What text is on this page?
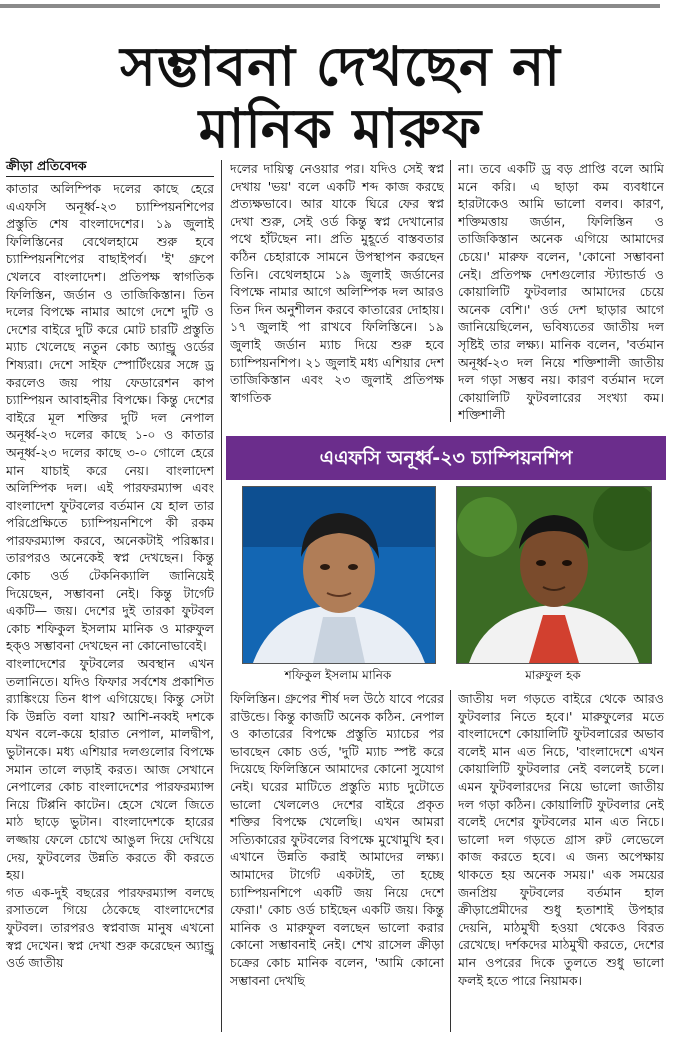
সম্ভাবনা দেখছেন না
মানিক মারুফ
ক্রীড়া প্রতিবেদক

কাতার অলিম্পিক দলের কাছে হেরে এএফসি অনূর্ধ্ব-২৩ চ্যাম্পিয়নশিপের প্রস্তুতি শেষ বাংলাদেশের। ১৯ জুলাই ফিলিস্তিনের বেথেলহামে শুরু হবে চ্যাম্পিয়নশিপের বাছাইপর্ব। 'ই' গ্রুপে খেলবে বাংলাদেশ। প্রতিপক্ষ স্বাগতিক ফিলিস্তিন, জর্ডান ও তাজিকিস্তান। তিন দলের বিপক্ষে নামার আগে দেশে দুটি ও দেশের বাইরে দুটি করে মোট চারটি প্রস্তুতি ম্যাচ খেলেছে নতুন কোচ অ্যান্ড্রু ওর্ডের শিষ্যরা। দেশে সাইফ স্পোর্টিংয়ের সঙ্গে ড্র করলেও জয় পায় ফেডারেশন কাপ চ্যাম্পিয়ন আবাহনীর বিপক্ষে। কিন্তু দেশের বাইরে মূল শক্তির দুটি দল নেপাল অনূর্ধ্ব-২৩ দলের কাছে ১-০ ও কাতার অনূর্ধ্ব-২৩ দলের কাছে ৩-০ গোলে হেরে মান যাচাই করে নেয়। বাংলাদেশ অলিম্পিক দল। এই পারফরম্যান্স এবং বাংলাদেশ ফুটবলের বর্তমান যে হাল তার পরিপ্রেক্ষিতে চ্যাম্পিয়নশিপে কী রকম পারফরম্যান্স করবে, অনেকটাই পরিষ্কার। তারপরও অনেকেই স্বপ্ন দেখছেন। কিন্তু কোচ ওর্ড টেকনিক্যালি জানিয়েই দিয়েছেন, সম্ভাবনা নেই। কিন্তু টার্গেট একটি— জয়। দেশের দুই তারকা ফুটবল কোচ শফিকুল ইসলাম মানিক ও মারুফুল হক্‌ও সম্ভাবনা দেখছেন না কোনোভাবেই।

বাংলাদেশের ফুটবলের অবস্থান এখন তলানিতে। যদিও ফিফার সর্বশেষ প্রকাশিত র‍্যাঙ্কিংয়ে তিন ধাপ এগিয়েছে। কিন্তু সেটা কি উন্নতি বলা যায়? আশি-নব্বই দশকে যখন বলে-কয়ে হারাত নেপাল, মালদ্বীপ, ভুটানকে। মধ্য এশিয়ার দলগুলোর বিপক্ষে সমান তালে লড়াই করত। আজ সেখানে নেপালের কোচ বাংলাদেশের পারফরম্যান্স নিয়ে টিপ্পনি কাটেন। হেসে খেলে জিতে মাঠ ছাড়ে ভুটান। বাংলাদেশকে হারের লজ্জায় ফেলে চোখে আঙুল দিয়ে দেখিয়ে দেয়, ফুটবলের উন্নতি করতে কী করতে হয়।

গত এক-দুই বছরের পারফরম্যান্স বলছে রসাতলে গিয়ে ঠেকেছে বাংলাদেশের ফুটবল। তারপরও স্বপ্নবাজ মানুষ এখনো স্বপ্ন দেখেন। স্বপ্ন দেখা শুরু করেছেন অ্যান্ড্রু ওর্ড জাতীয়

দলের দায়িত্ব নেওয়ার পর। যদিও সেই স্বপ্ন দেখায় 'ভয়' বলে একটি শব্দ কাজ করছে প্রত্যক্ষভাবে। আর যাকে ঘিরে ফের স্বপ্ন দেখা শুরু, সেই ওর্ড কিন্তু স্বপ্ন দেখানোর পথে হাঁটছেন না। প্রতি মুহূর্তে বাস্তবতার কঠিন চেহারাকে সামনে উপস্থাপন করছেন তিনি। বেথেলহামে ১৯ জুলাই জর্ডানের বিপক্ষে নামার আগে অলিম্পিক দল আরও তিন দিন অনুশীলন করবে কাতারের দোহায়। ১৭ জুলাই পা রাখবে ফিলিস্তিনে। ১৯ জুলাই জর্ডান ম্যাচ দিয়ে শুরু হবে চ্যাম্পিয়নশিপ। ২১ জুলাই মধ্য এশিয়ার দেশ তাজিকিস্তান এবং ২৩ জুলাই প্রতিপক্ষ স্বাগতিক

না। তবে একটি ড্র বড় প্রাপ্তি বলে আমি মনে করি। এ ছাড়া কম ব্যবধানে হারটাকেও আমি ভালো বলব। কারণ, শক্তিমত্তায় জর্ডান, ফিলিস্তিন ও তাজিকিস্তান অনেক এগিয়ে আমাদের চেয়ে।' মারুফ বলেন, 'কোনো সম্ভাবনা নেই। প্রতিপক্ষ দেশগুলোর স্ট্যান্ডার্ড ও কোয়ালিটি ফুটবলার আমাদের চেয়ে অনেক বেশি।' ওর্ড দেশ ছাড়ার আগে জানিয়েছিলেন, ভবিষ্যতের জাতীয় দল সৃষ্টিই তার লক্ষ্য। মানিক বলেন, 'বর্তমান অনূর্ধ্ব-২৩ দল নিয়ে শক্তিশালী জাতীয় দল গড়া সম্ভব নয়। কারণ বর্তমান দলে কোয়ালিটি ফুটবলারের সংখ্যা কম। শক্তিশালী

এএফসি অনূর্ধ্ব-২৩ চ্যাম্পিয়নশিপ
শফিকুল ইসলাম মানিক	মারুফুল হক

ফিলিস্তিন। গ্রুপের শীর্ষ দল উঠে যাবে পরের রাউন্ডে। কিন্তু কাজটি অনেক কঠিন. নেপাল ও কাতারের বিপক্ষে প্রস্তুতি ম্যাচের পর ভাবছেন কোচ ওর্ড, 'দুটি ম্যাচ স্পষ্ট করে দিয়েছে ফিলিস্তিনে আমাদের কোনো সুযোগ নেই। ঘরের মাটিতে প্রস্তুতি ম্যাচ দুটোতে ভালো খেললেও দেশের বাইরে প্রকৃত শক্তির বিপক্ষে খেলেছি। এখন আমরা সত্যিকারের ফুটবলের বিপক্ষে মুখোমুখি হব। এখানে উন্নতি করাই আমাদের লক্ষ্য। আমাদের টার্গেট একটাই, তা হচ্ছে চ্যাম্পিয়নশিপে একটি জয় নিয়ে দেশে ফেরা।' কোচ ওর্ড চাইছেন একটি জয়। কিন্তু মানিক ও মারুফুল বলছেন ভালো করার কোনো সম্ভাবনাই নেই। শেখ রাসেল ক্রীড়া চক্রের কোচ মানিক বলেন, 'আমি কোনো সম্ভাবনা দেখছি

জাতীয় দল গড়তে বাইরে থেকে আরও ফুটবলার নিতে হবে।' মারুফুলের মতে বাংলাদেশে কোয়ালিটি ফুটবলারের অভাব বলেই মান এত নিচে, 'বাংলাদেশে এখন কোয়ালিটি ফুটবলার নেই বললেই চলে। এমন ফুটবলারদের নিয়ে ভালো জাতীয় দল গড়া কঠিন। কোয়ালিটি ফুটবলার নেই বলেই দেশের ফুটবলের মান এত নিচে। ভালো দল গড়তে গ্রাস রুট লেভেলে কাজ করতে হবে। এ জন্য অপেক্ষায় থাকতে হয় অনেক সময়।' এক সময়ের জনপ্রিয় ফুটবলের বর্তমান হাল ক্রীড়াপ্রেমীদের শুধু হতাশাই উপহার দেয়নি, মাঠমুখী হওয়া থেকেও বিরত রেখেছে। দর্শকদের মাঠমুখী করতে, দেশের মান ওপরের দিকে তুলতে শুধু ভালো ফলই হতে পারে নিয়ামক।
